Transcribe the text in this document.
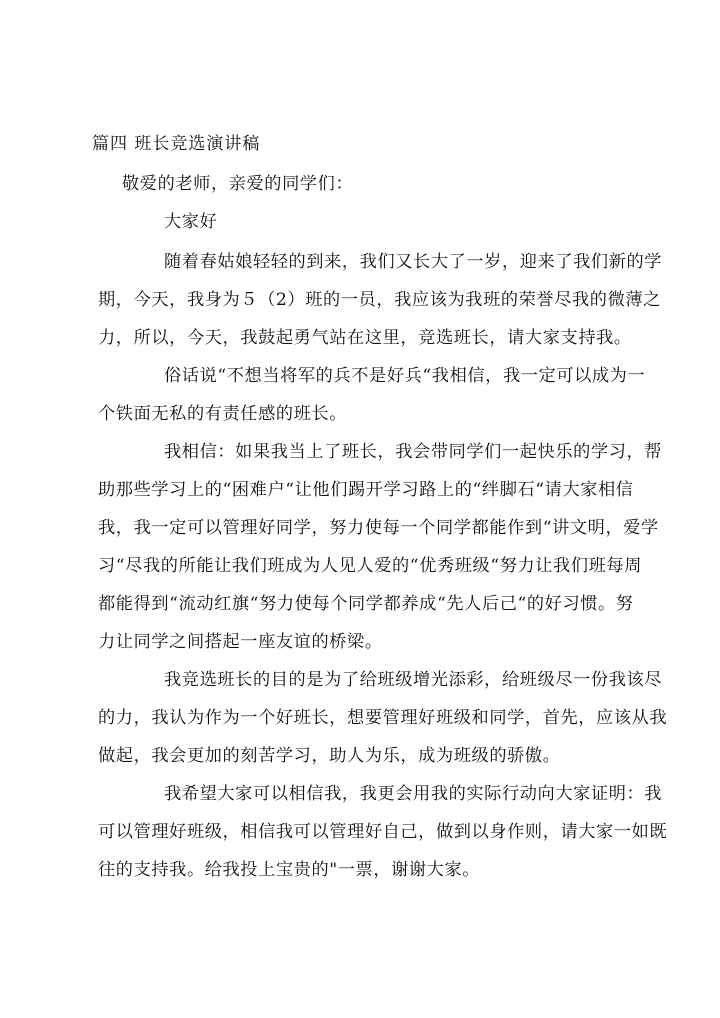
篇四 班长竞选演讲稿
敬爱的老师，亲爱的同学们：
大家好
随着春姑娘轻轻的到来，我们又长大了一岁，迎来了我们新的学
期，今天，我身为５（2）班的一员，我应该为我班的荣誉尽我的微薄之
力，所以，今天，我鼓起勇气站在这里，竞选班长，请大家支持我。
俗话说“不想当将军的兵不是好兵“我相信，我一定可以成为一
个铁面无私的有责任感的班长。
我相信：如果我当上了班长，我会带同学们一起快乐的学习，帮
助那些学习上的“困难户“让他们踢开学习路上的“绊脚石“请大家相信
我，我一定可以管理好同学，努力使每一个同学都能作到“讲文明，爱学
习“尽我的所能让我们班成为人见人爱的“优秀班级“努力让我们班每周
都能得到“流动红旗“努力使每个同学都养成“先人后己“的好习惯。努
力让同学之间搭起一座友谊的桥梁。
我竞选班长的目的是为了给班级增光添彩，给班级尽一份我该尽
的力，我认为作为一个好班长，想要管理好班级和同学，首先，应该从我
做起，我会更加的刻苦学习，助人为乐，成为班级的骄傲。
我希望大家可以相信我，我更会用我的实际行动向大家证明：我
可以管理好班级，相信我可以管理好自己，做到以身作则，请大家一如既
往的支持我。给我投上宝贵的"一票，谢谢大家。
